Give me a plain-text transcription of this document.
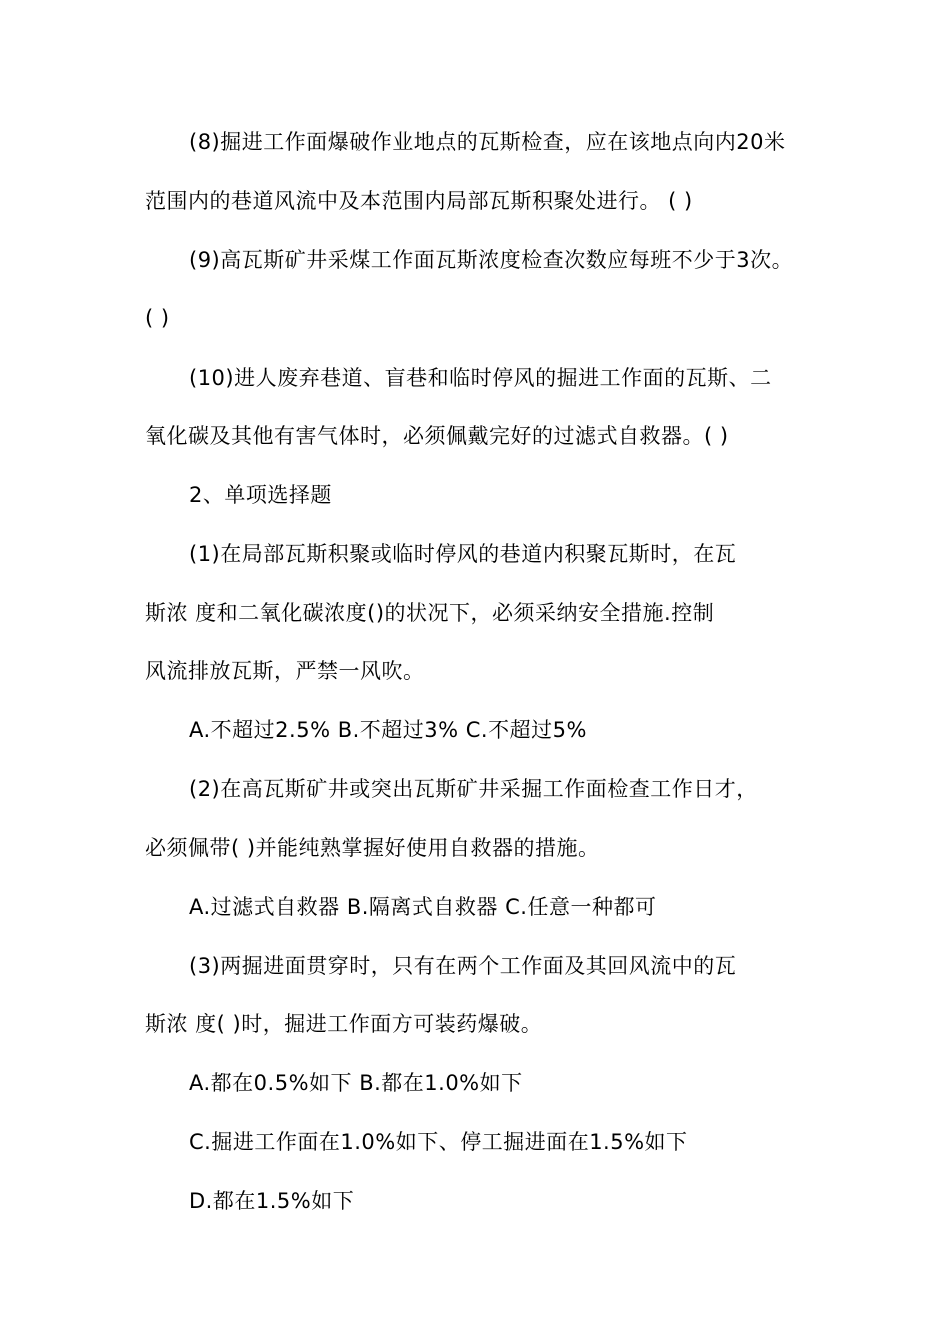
(8)掘进工作面爆破作业地点的瓦斯检查，应在该地点向内20米
范围内的巷道风流中及本范围内局部瓦斯积聚处进行。 ( )
(9)高瓦斯矿井采煤工作面瓦斯浓度检查次数应每班不少于3次。
( )
(10)进人废弃巷道、盲巷和临时停风的掘进工作面的瓦斯、二
氧化碳及其他有害气体时，必须佩戴完好的过滤式自救器。( )
2、单项选择题
(1)在局部瓦斯积聚或临时停风的巷道内积聚瓦斯时，在瓦
斯浓 度和二氧化碳浓度()的状况下，必须采纳安全措施.控制
风流排放瓦斯，严禁一风吹。
A.不超过2.5% B.不超过3% C.不超过5%
(2)在高瓦斯矿井或突出瓦斯矿井采掘工作面检查工作日才，
必须佩带( )并能纯熟掌握好使用自救器的措施。
A.过滤式自救器 B.隔离式自救器 C.任意一种都可
(3)两掘进面贯穿时，只有在两个工作面及其回风流中的瓦
斯浓 度( )时，掘进工作面方可装药爆破。
A.都在0.5%如下 B.都在1.0%如下
C.掘进工作面在1.0%如下、停工掘进面在1.5%如下
D.都在1.5%如下
